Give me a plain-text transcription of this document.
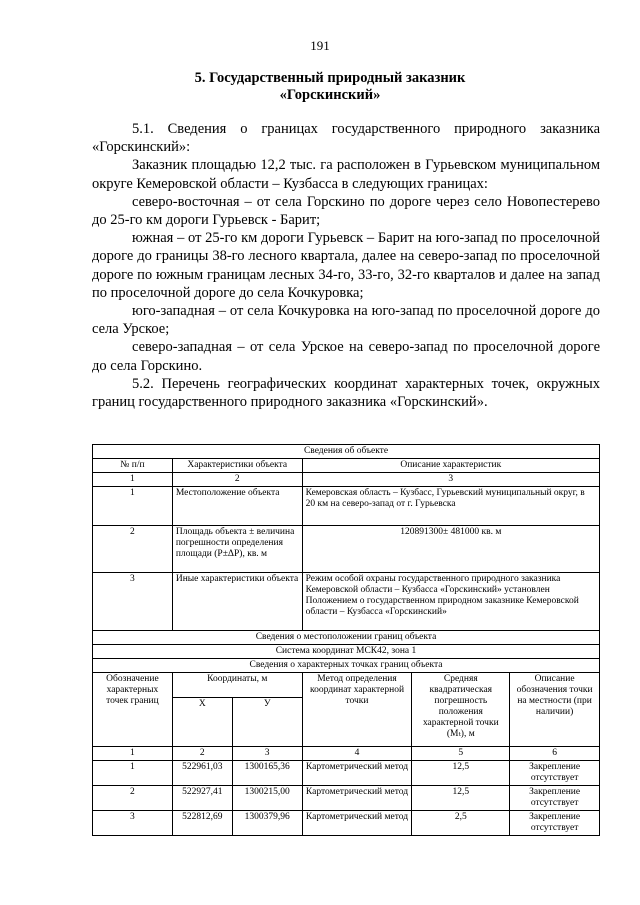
191
5. Государственный природный заказник
«Горскинский»

5.1. Сведения о границах государственного природного заказника «Горскинский»:

Заказник площадью 12,2 тыс. га расположен в Гурьевском муниципальном округе Кемеровской области – Кузбасса в следующих границах:

северо-восточная – от села Горскино по дороге через село Новопестерево до 25-го км дороги Гурьевск - Барит;

южная – от 25-го км дороги Гурьевск – Барит на юго-запад по проселочной дороге до границы 38-го лесного квартала, далее на северо-запад по проселочной дороге по южным границам лесных 34-го, 33-го, 32-го кварталов и далее на запад по проселочной дороге до села Кочкуровка;

юго-западная – от села Кочкуровка на юго-запад по проселочной дороге до села Урское;

северо-западная – от села Урское на северо-запад по проселочной дороге до села Горскино.

5.2. Перечень географических координат характерных точек, окружных границ государственного природного заказника «Горскинский».

Сведения об объекте					
№ п/п	Характеристики объекта		Описание характеристик		
1	2		3		
1	Местоположение объекта		Кемеровская область – Кузбасс, Гурьевский муниципальный округ, в 20 км на северо-запад от г. Гурьевска		
2	Площадь объекта ± величина погрешности определения площади (P±ΔP), кв. м		120891300± 481000 кв. м		
3	Иные характеристики объекта		Режим особой охраны государственного природного заказника Кемеровской области – Кузбасса «Горскинский» установлен Положением о государственном природном заказнике Кемеровской области – Кузбасса «Горскинский»		
Сведения о местоположении границ объекта					
Система координат МСК42, зона 1					
Сведения о характерных точках границ объекта					
Обозначение характерных точек границ	Координаты, м		Метод определения координат характерной точки	Средняя квадратическая погрешность положения характерной точки (Mₜ), м	Описание обозначения точки на местности (при наличии)
	Х	У			
1	2	3	4	5	6
1	522961,03	1300165,36	Картометрический метод	12,5	Закрепление отсутствует
2	522927,41	1300215,00	Картометрический метод	12,5	Закрепление отсутствует
3	522812,69	1300379,96	Картометрический метод	2,5	Закрепление отсутствует
